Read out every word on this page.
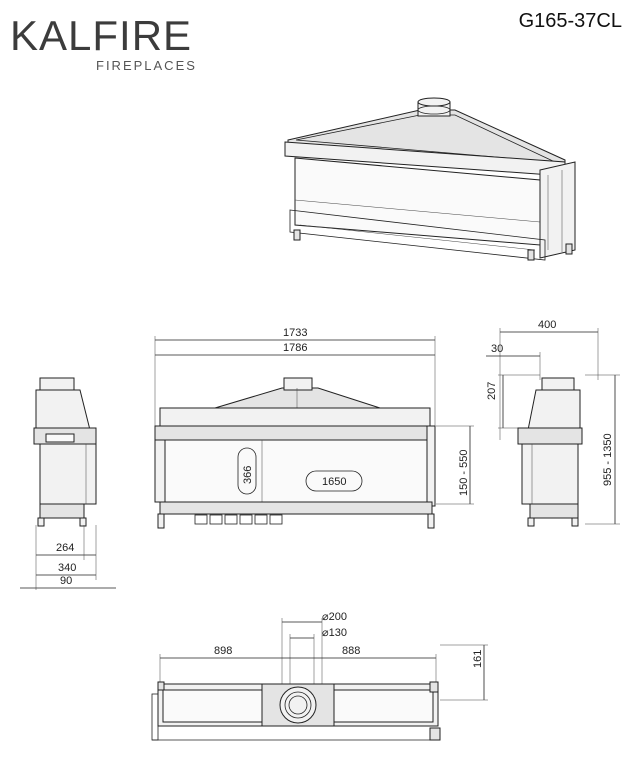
KALFIRE
FIREPLACES
G165-37CL
264
340
90
1733
1786
366	1650	150 - 550
400
30
207
955 - 1350
⌀200
⌀130
898	888	161
